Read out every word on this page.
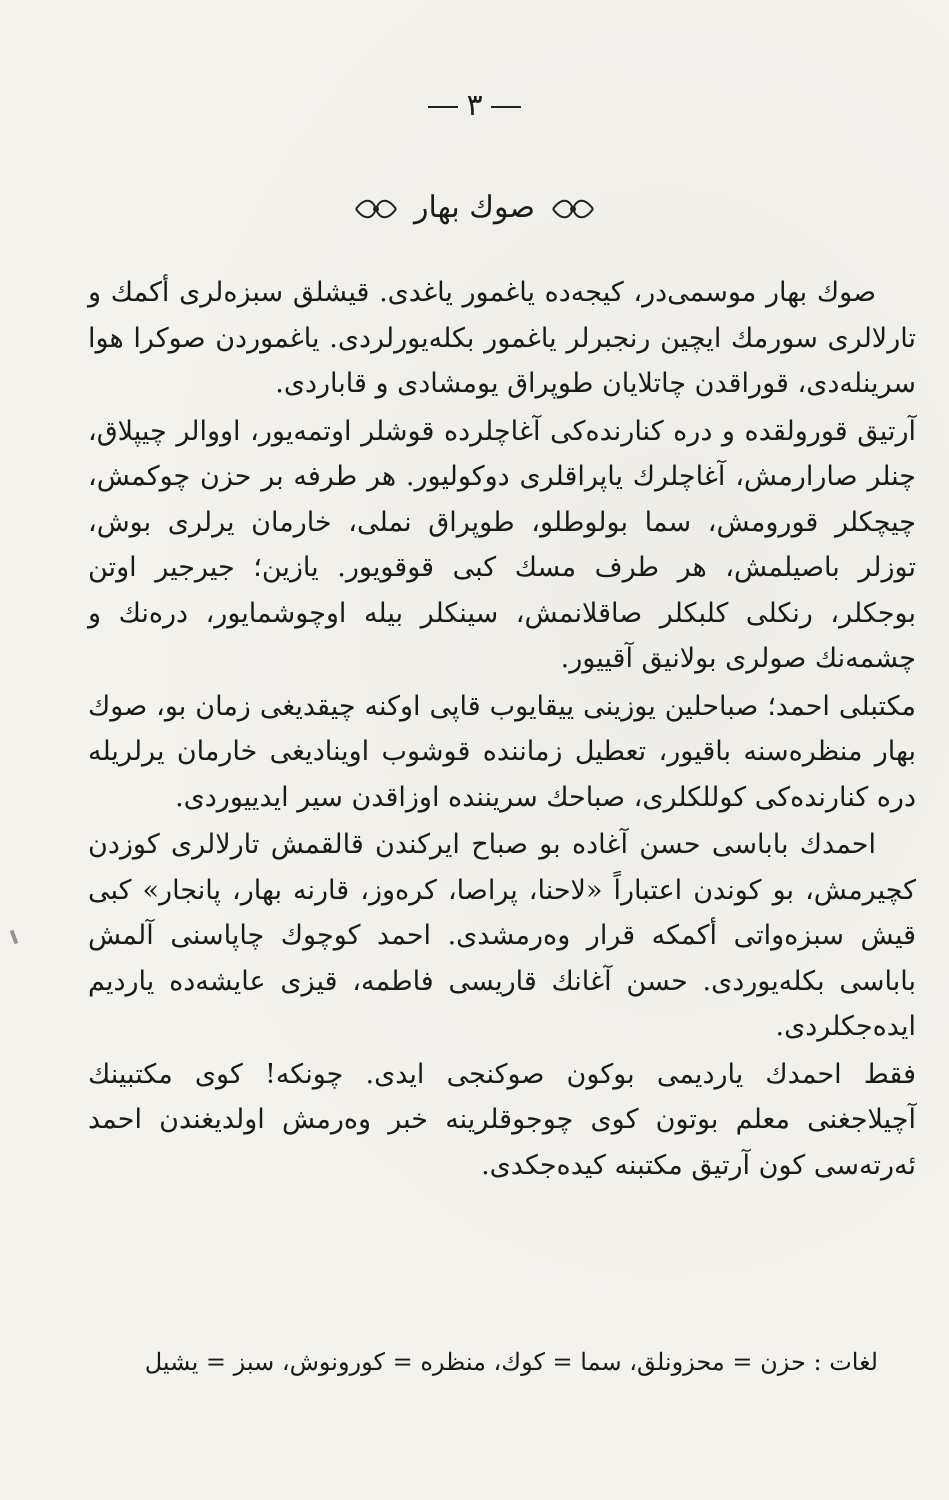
٣
صوك بهار

صوك بهار موسمی‌در، كیجه‌ده یاغمور یاغدی. قیشلق سبزه‌لری أكمك و تارلالری سورمك ایچین رنجبرلر یاغمور بكله‌یورلردی. یاغموردن صوكرا هوا سرینله‌دی، قوراقدن چاتلایان طوپراق یومشادی و قاباردی.

آرتیق قورولقده و دره كنارنده‌كی آغاچلرده قوشلر اوتمه‌یور، اووالر چیپلاق، چنلر صارارمش، آغاچلرك یاپراقلری دوكولیور. هر طرفه بر حزن چوكمش، چیچكلر قورومش، سما بولوطلو، طوپراق نملی، خارمان یرلری بوش، توزلر باصیلمش، هر طرف مسك كبی قوقویور. یازین؛ جیرجیر اوتن بوجكلر، رنكلی كلبكلر صاقلانمش، سینكلر بیله اوچوشمایور، دره‌نك و چشمه‌نك صولری بولانیق آقییور.

مكتبلی احمد؛ صباحلین یوزینی ییقایوب قاپی اوكنه چیقدیغی زمان بو، صوك بهار منظره‌سنه باقیور، تعطیل زماننده قوشوب اویناديغی خارمان یرلریله دره كنارنده‌كی كوللكلری، صباحك سریننده اوزاقدن سیر ایدییوردی.

احمدك باباسی حسن آغاده بو صباح ایركندن قالقمش تارلالری كوزدن كچیرمش، بو كوندن اعتباراً «لاحنا، پراصا، كره‌وز، قارنه بهار، پانجار» كبی قیش سبزه‌واتی أكمكه قرار وه‌رمشدی. احمد كوچوك چاپاسنی آلمش باباسی بكله‌یوردی. حسن آغانك قاریسی فاطمه، قیزی عایشه‌ده یاردیم ایده‌جكلردی.

فقط احمدك یاردیمی بوكون صوكنجی ایدی. چونكه! كوی مكتبینك آچیلاجغنی معلم بوتون كوی چوجوقلرینه خبر وه‌رمش اولدیغندن احمد ئه‌رته‌سی كون آرتیق مكتبنه كیده‌جكدی.

لغات : حزن = محزونلق، سما = كوك، منظره = كورونوش، سبز = یشیل
